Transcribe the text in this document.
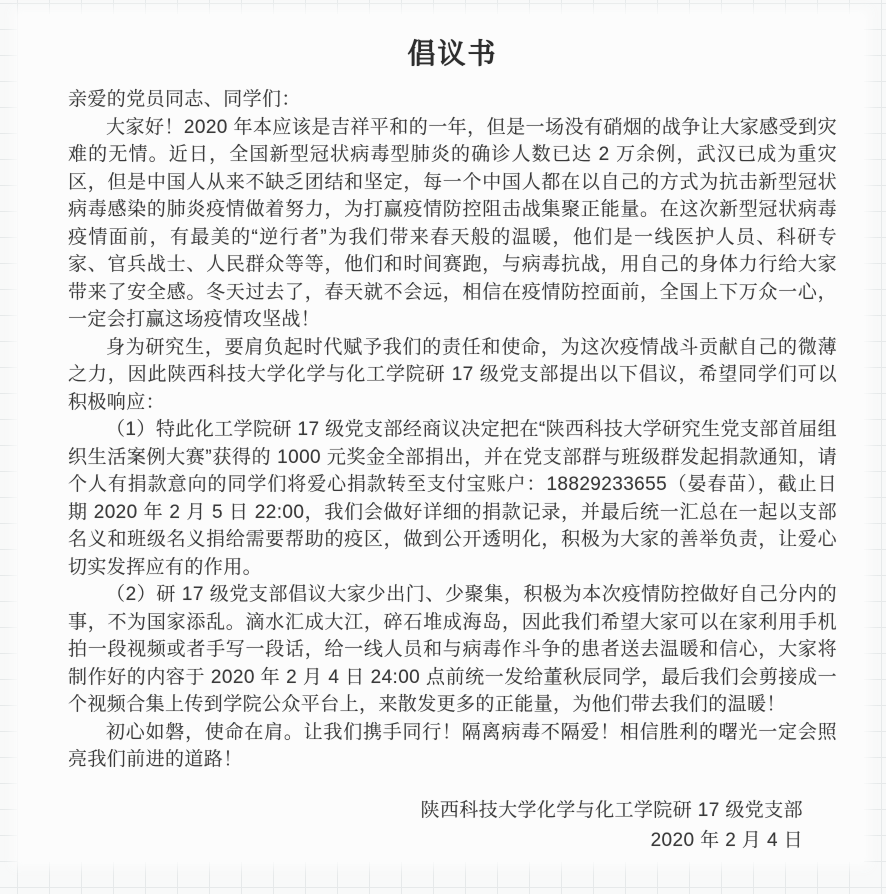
倡议书

亲爱的党员同志、同学们：

大家好！2020 年本应该是吉祥平和的一年，但是一场没有硝烟的战争让大家感受到灾难的无情。近日，全国新型冠状病毒型肺炎的确诊人数已达 2 万余例，武汉已成为重灾区，但是中国人从来不缺乏团结和坚定，每一个中国人都在以自己的方式为抗击新型冠状病毒感染的肺炎疫情做着努力，为打赢疫情防控阻击战集聚正能量。在这次新型冠状病毒疫情面前，有最美的“逆行者”为我们带来春天般的温暖，他们是一线医护人员、科研专家、官兵战士、人民群众等等，他们和时间赛跑，与病毒抗战，用自己的身体力行给大家带来了安全感。冬天过去了，春天就不会远，相信在疫情防控面前，全国上下万众一心，一定会打赢这场疫情攻坚战！

身为研究生，要肩负起时代赋予我们的责任和使命，为这次疫情战斗贡献自己的微薄之力，因此陕西科技大学化学与化工学院研 17 级党支部提出以下倡议，希望同学们可以积极响应：

（1）特此化工学院研 17 级党支部经商议决定把在“陕西科技大学研究生党支部首届组织生活案例大赛”获得的 1000 元奖金全部捐出，并在党支部群与班级群发起捐款通知，请个人有捐款意向的同学们将爱心捐款转至支付宝账户：18829233655（晏春苗），截止日期 2020 年 2 月 5 日 22:00，我们会做好详细的捐款记录，并最后统一汇总在一起以支部名义和班级名义捐给需要帮助的疫区，做到公开透明化，积极为大家的善举负责，让爱心切实发挥应有的作用。

（2）研 17 级党支部倡议大家少出门、少聚集，积极为本次疫情防控做好自己分内的事，不为国家添乱。滴水汇成大江，碎石堆成海岛，因此我们希望大家可以在家利用手机拍一段视频或者手写一段话，给一线人员和与病毒作斗争的患者送去温暖和信心，大家将制作好的内容于 2020 年 2 月 4 日 24:00 点前统一发给董秋辰同学，最后我们会剪接成一个视频合集上传到学院公众平台上，来散发更多的正能量，为他们带去我们的温暖！

初心如磐，使命在肩。让我们携手同行！隔离病毒不隔爱！相信胜利的曙光一定会照亮我们前进的道路！

陕西科技大学化学与化工学院研 17 级党支部

2020 年 2 月 4 日
